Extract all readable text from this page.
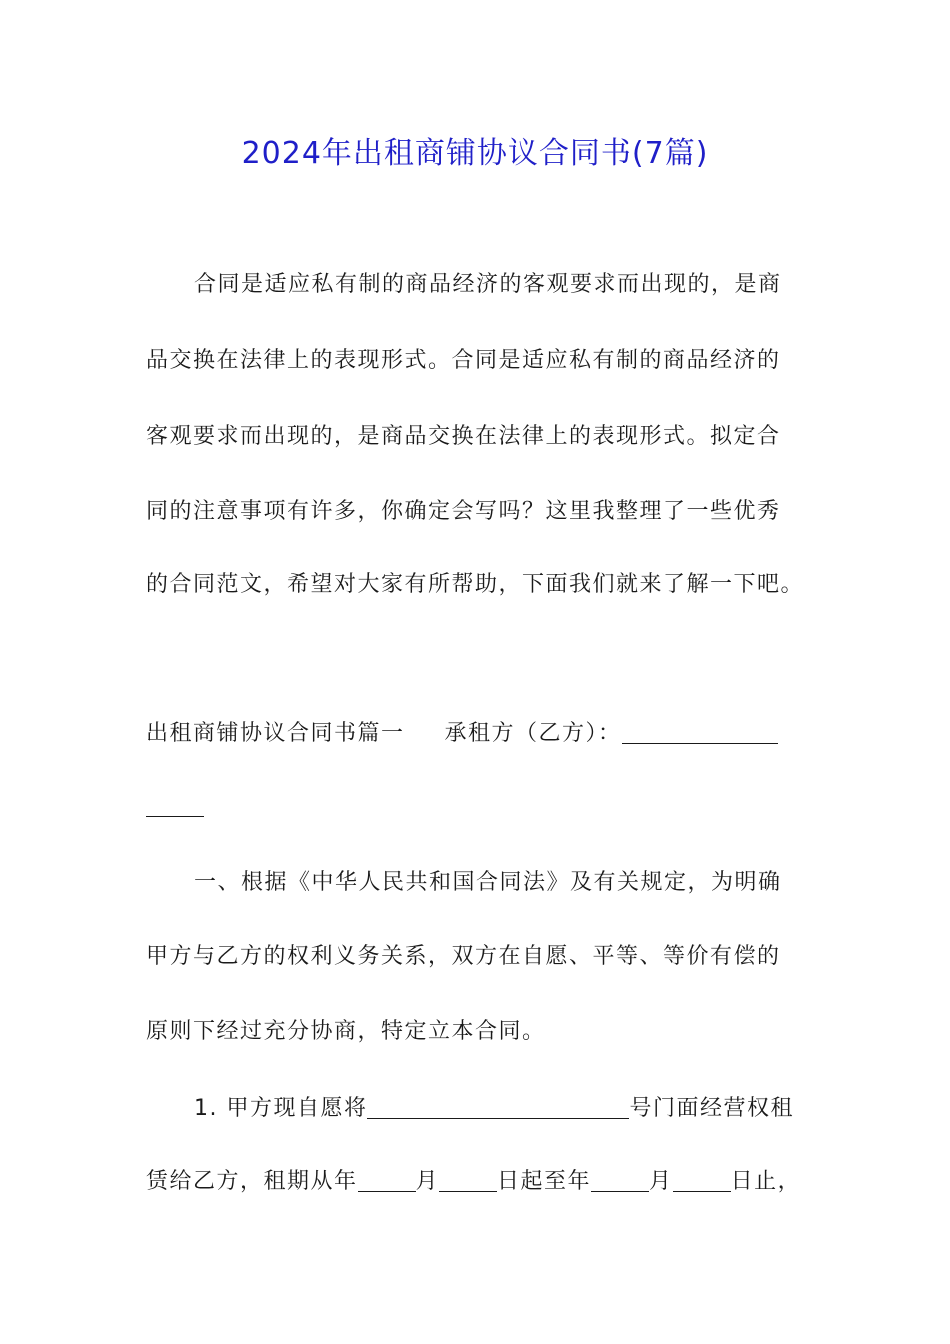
2024年出租商铺协议合同书(7篇)
合同是适应私有制的商品经济的客观要求而出现的，是商
品交换在法律上的表现形式。合同是适应私有制的商品经济的
客观要求而出现的，是商品交换在法律上的表现形式。拟定合
同的注意事项有许多，你确定会写吗？这里我整理了一些优秀
的合同范文，希望对大家有所帮助，下面我们就来了解一下吧。
出租商铺协议合同书篇一 承租方（乙方）：
一、根据《中华人民共和国合同法》及有关规定，为明确
甲方与乙方的权利义务关系，双方在自愿、平等、等价有偿的
原则下经过充分协商，特定立本合同。
1. 甲方现自愿将	号门面经营权租
赁给乙方，租期从年	月	日起至年	月	日止，
